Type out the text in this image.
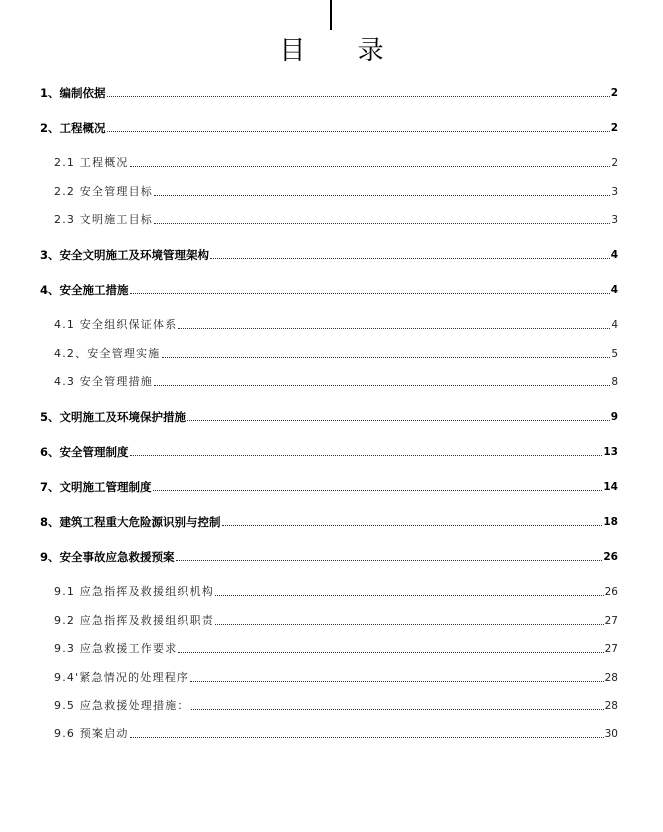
目 录
1、编制依据	2
2、工程概况	2
2.1 工程概况	2
2.2 安全管理目标	3
2.3 文明施工目标	3
3、安全文明施工及环境管理架构	4
4、安全施工措施	4
4.1 安全组织保证体系	4
4.2、安全管理实施	5
4.3 安全管理措施	8
5、文明施工及环境保护措施	9
6、安全管理制度	13
7、文明施工管理制度	14
8、建筑工程重大危险源识别与控制	18
9、安全事故应急救援预案	26
9.1 应急指挥及救援组织机构	26
9.2 应急指挥及救援组织职责	27
9.3 应急救援工作要求	27
9.4'紧急情况的处理程序	28
9.5 应急救援处理措施：	28
9.6 预案启动	30
